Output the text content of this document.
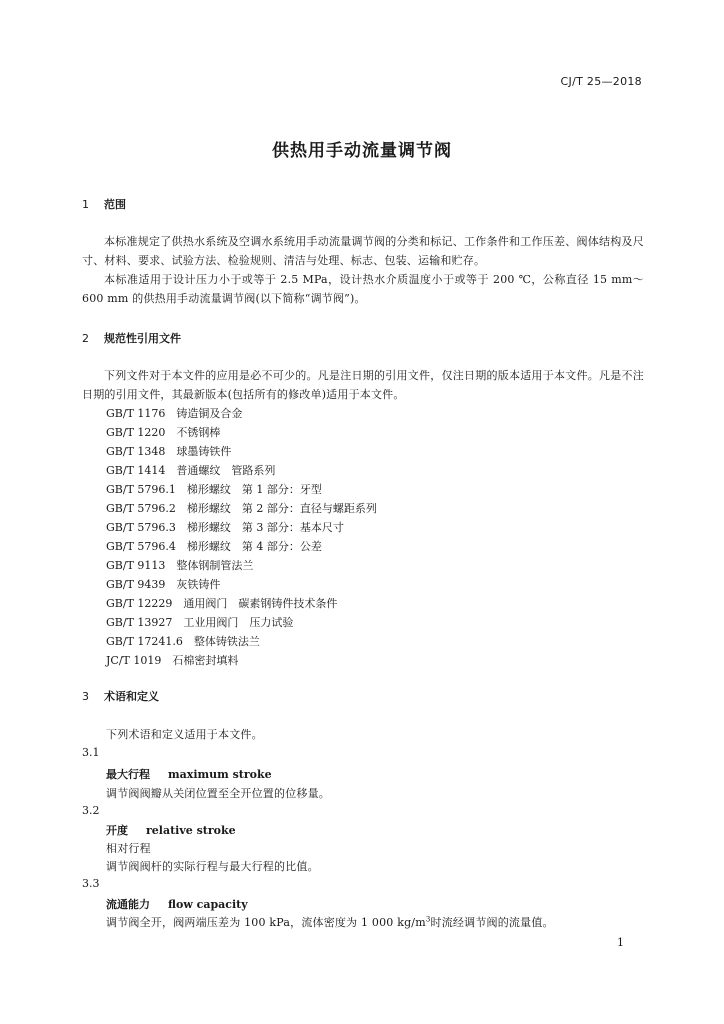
CJ/T 25—2018
供热用手动流量调节阀
1 范围
本标准规定了供热水系统及空调水系统用手动流量调节阀的分类和标记、工作条件和工作压差、阀体结构及尺寸、材料、要求、试验方法、检验规则、清洁与处理、标志、包装、运输和贮存。
本标准适用于设计压力小于或等于 2.5 MPa，设计热水介质温度小于或等于 200 ℃，公称直径 15 mm～600 mm 的供热用手动流量调节阀(以下简称“调节阀”)。
2 规范性引用文件
下列文件对于本文件的应用是必不可少的。凡是注日期的引用文件，仅注日期的版本适用于本文件。凡是不注日期的引用文件，其最新版本(包括所有的修改单)适用于本文件。
GB/T 1176　铸造铜及合金
GB/T 1220　不锈钢棒
GB/T 1348　球墨铸铁件
GB/T 1414　普通螺纹　管路系列
GB/T 5796.1　梯形螺纹　第 1 部分：牙型
GB/T 5796.2　梯形螺纹　第 2 部分：直径与螺距系列
GB/T 5796.3　梯形螺纹　第 3 部分：基本尺寸
GB/T 5796.4　梯形螺纹　第 4 部分：公差
GB/T 9113　整体钢制管法兰
GB/T 9439　灰铁铸件
GB/T 12229　通用阀门　碳素钢铸件技术条件
GB/T 13927　工业用阀门　压力试验
GB/T 17241.6　整体铸铁法兰
JC/T 1019　石棉密封填料
3 术语和定义
下列术语和定义适用于本文件。
3.1
最大行程 maximum stroke
调节阀阀瓣从关闭位置至全开位置的位移量。
3.2
开度 relative stroke
相对行程
调节阀阀杆的实际行程与最大行程的比值。
3.3
流通能力 flow capacity
调节阀全开，阀两端压差为 100 kPa，流体密度为 1 000 $kg/m^3$时流经调节阀的流量值。
1
